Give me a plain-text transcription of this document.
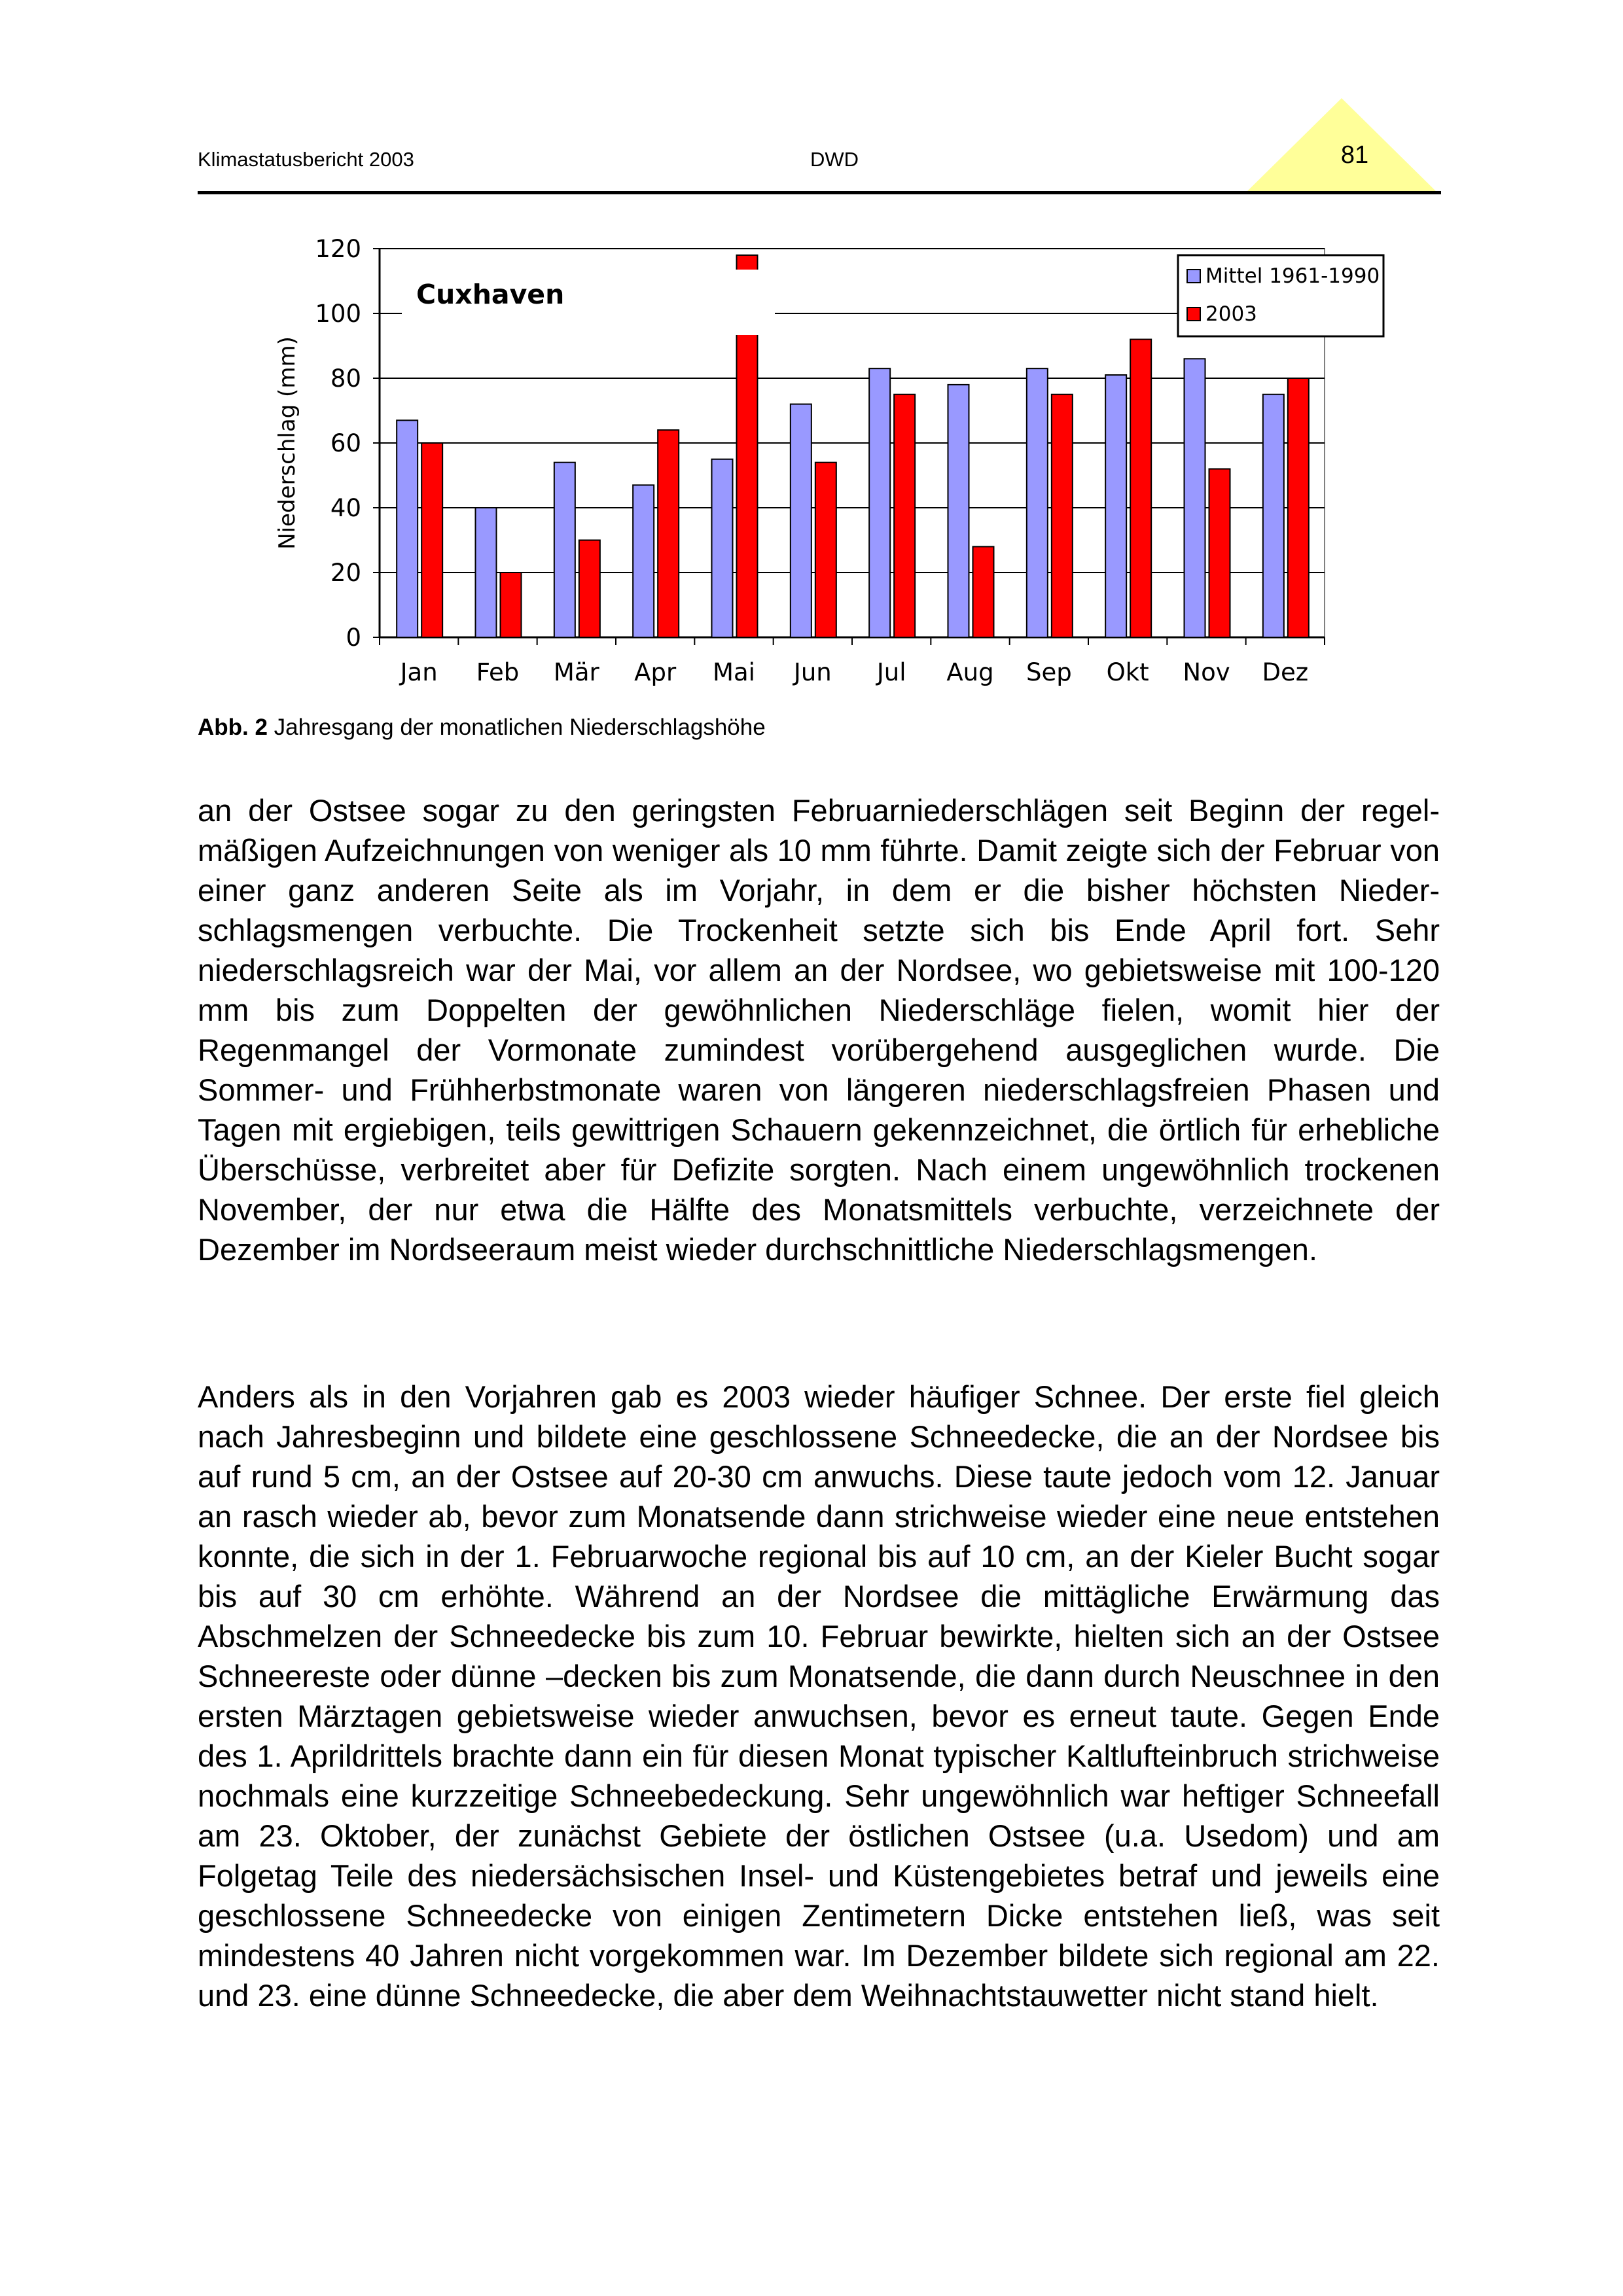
Klimastatusbericht 2003	DWD	81
0
20
40
60
80
100
120
Niederschlag (mm)
Jan Feb Mär Apr Mai Jun Jul Aug Sep Okt Nov Dez
Cuxhaven
Mittel 1961-1990
2003
Abb. 2 Jahresgang der monatlichen Niederschlagshöhe
an der Ostsee sogar zu den geringsten Februarniederschlägen seit Beginn der regelmäßigen Aufzeichnungen von weniger als 10 mm führte. Damit zeigte sich der Februar von einer ganz anderen Seite als im Vorjahr, in dem er die bisher höchsten Niederschlagsmengen verbuchte. Die Trockenheit setzte sich bis Ende April fort. Sehr niederschlagsreich war der Mai, vor allem an der Nordsee, wo gebietsweise mit 100-120 mm bis zum Doppelten der gewöhnlichen Niederschläge fielen, womit hier der Regenmangel der Vormonate zumindest vorübergehend ausgeglichen wurde. Die Sommer- und Frühherbstmonate waren von längeren niederschlagsfreien Phasen und Tagen mit ergiebigen, teils gewittrigen Schauern gekennzeichnet, die örtlich für erhebliche Überschüsse, verbreitet aber für Defizite sorgten. Nach einem ungewöhnlich trockenen November, der nur etwa die Hälfte des Monatsmittels verbuchte, verzeichnete der Dezember im Nordseeraum meist wieder durchschnittliche Niederschlagsmengen.
Anders als in den Vorjahren gab es 2003 wieder häufiger Schnee. Der erste fiel gleich nach Jahresbeginn und bildete eine geschlossene Schneedecke, die an der Nordsee bis auf rund 5 cm, an der Ostsee auf 20-30 cm anwuchs. Diese taute jedoch vom 12. Januar an rasch wieder ab, bevor zum Monatsende dann strichweise wieder eine neue entstehen konnte, die sich in der 1. Februarwoche regional bis auf 10 cm, an der Kieler Bucht sogar bis auf 30 cm erhöhte. Während an der Nordsee die mittägliche Erwärmung das Abschmelzen der Schneedecke bis zum 10. Februar bewirkte, hielten sich an der Ostsee Schneereste oder dünne –decken bis zum Monatsende, die dann durch Neuschnee in den ersten Märztagen gebietsweise wieder anwuchsen, bevor es erneut taute. Gegen Ende des 1. Aprildrittels brachte dann ein für diesen Monat typischer Kaltlufteinbruch strichweise nochmals eine kurzzeitige Schneebedeckung. Sehr ungewöhnlich war heftiger Schneefall am 23. Oktober, der zunächst Gebiete der östlichen Ostsee (u.a. Usedom) und am Folgetag Teile des niedersächsischen Insel- und Küstengebietes betraf und jeweils eine geschlossene Schneedecke von einigen Zentimetern Dicke entstehen ließ, was seit mindestens 40 Jahren nicht vorgekommen war. Im Dezember bildete sich regional am 22. und 23. eine dünne Schneedecke, die aber dem Weihnachtstauwetter nicht stand hielt.
